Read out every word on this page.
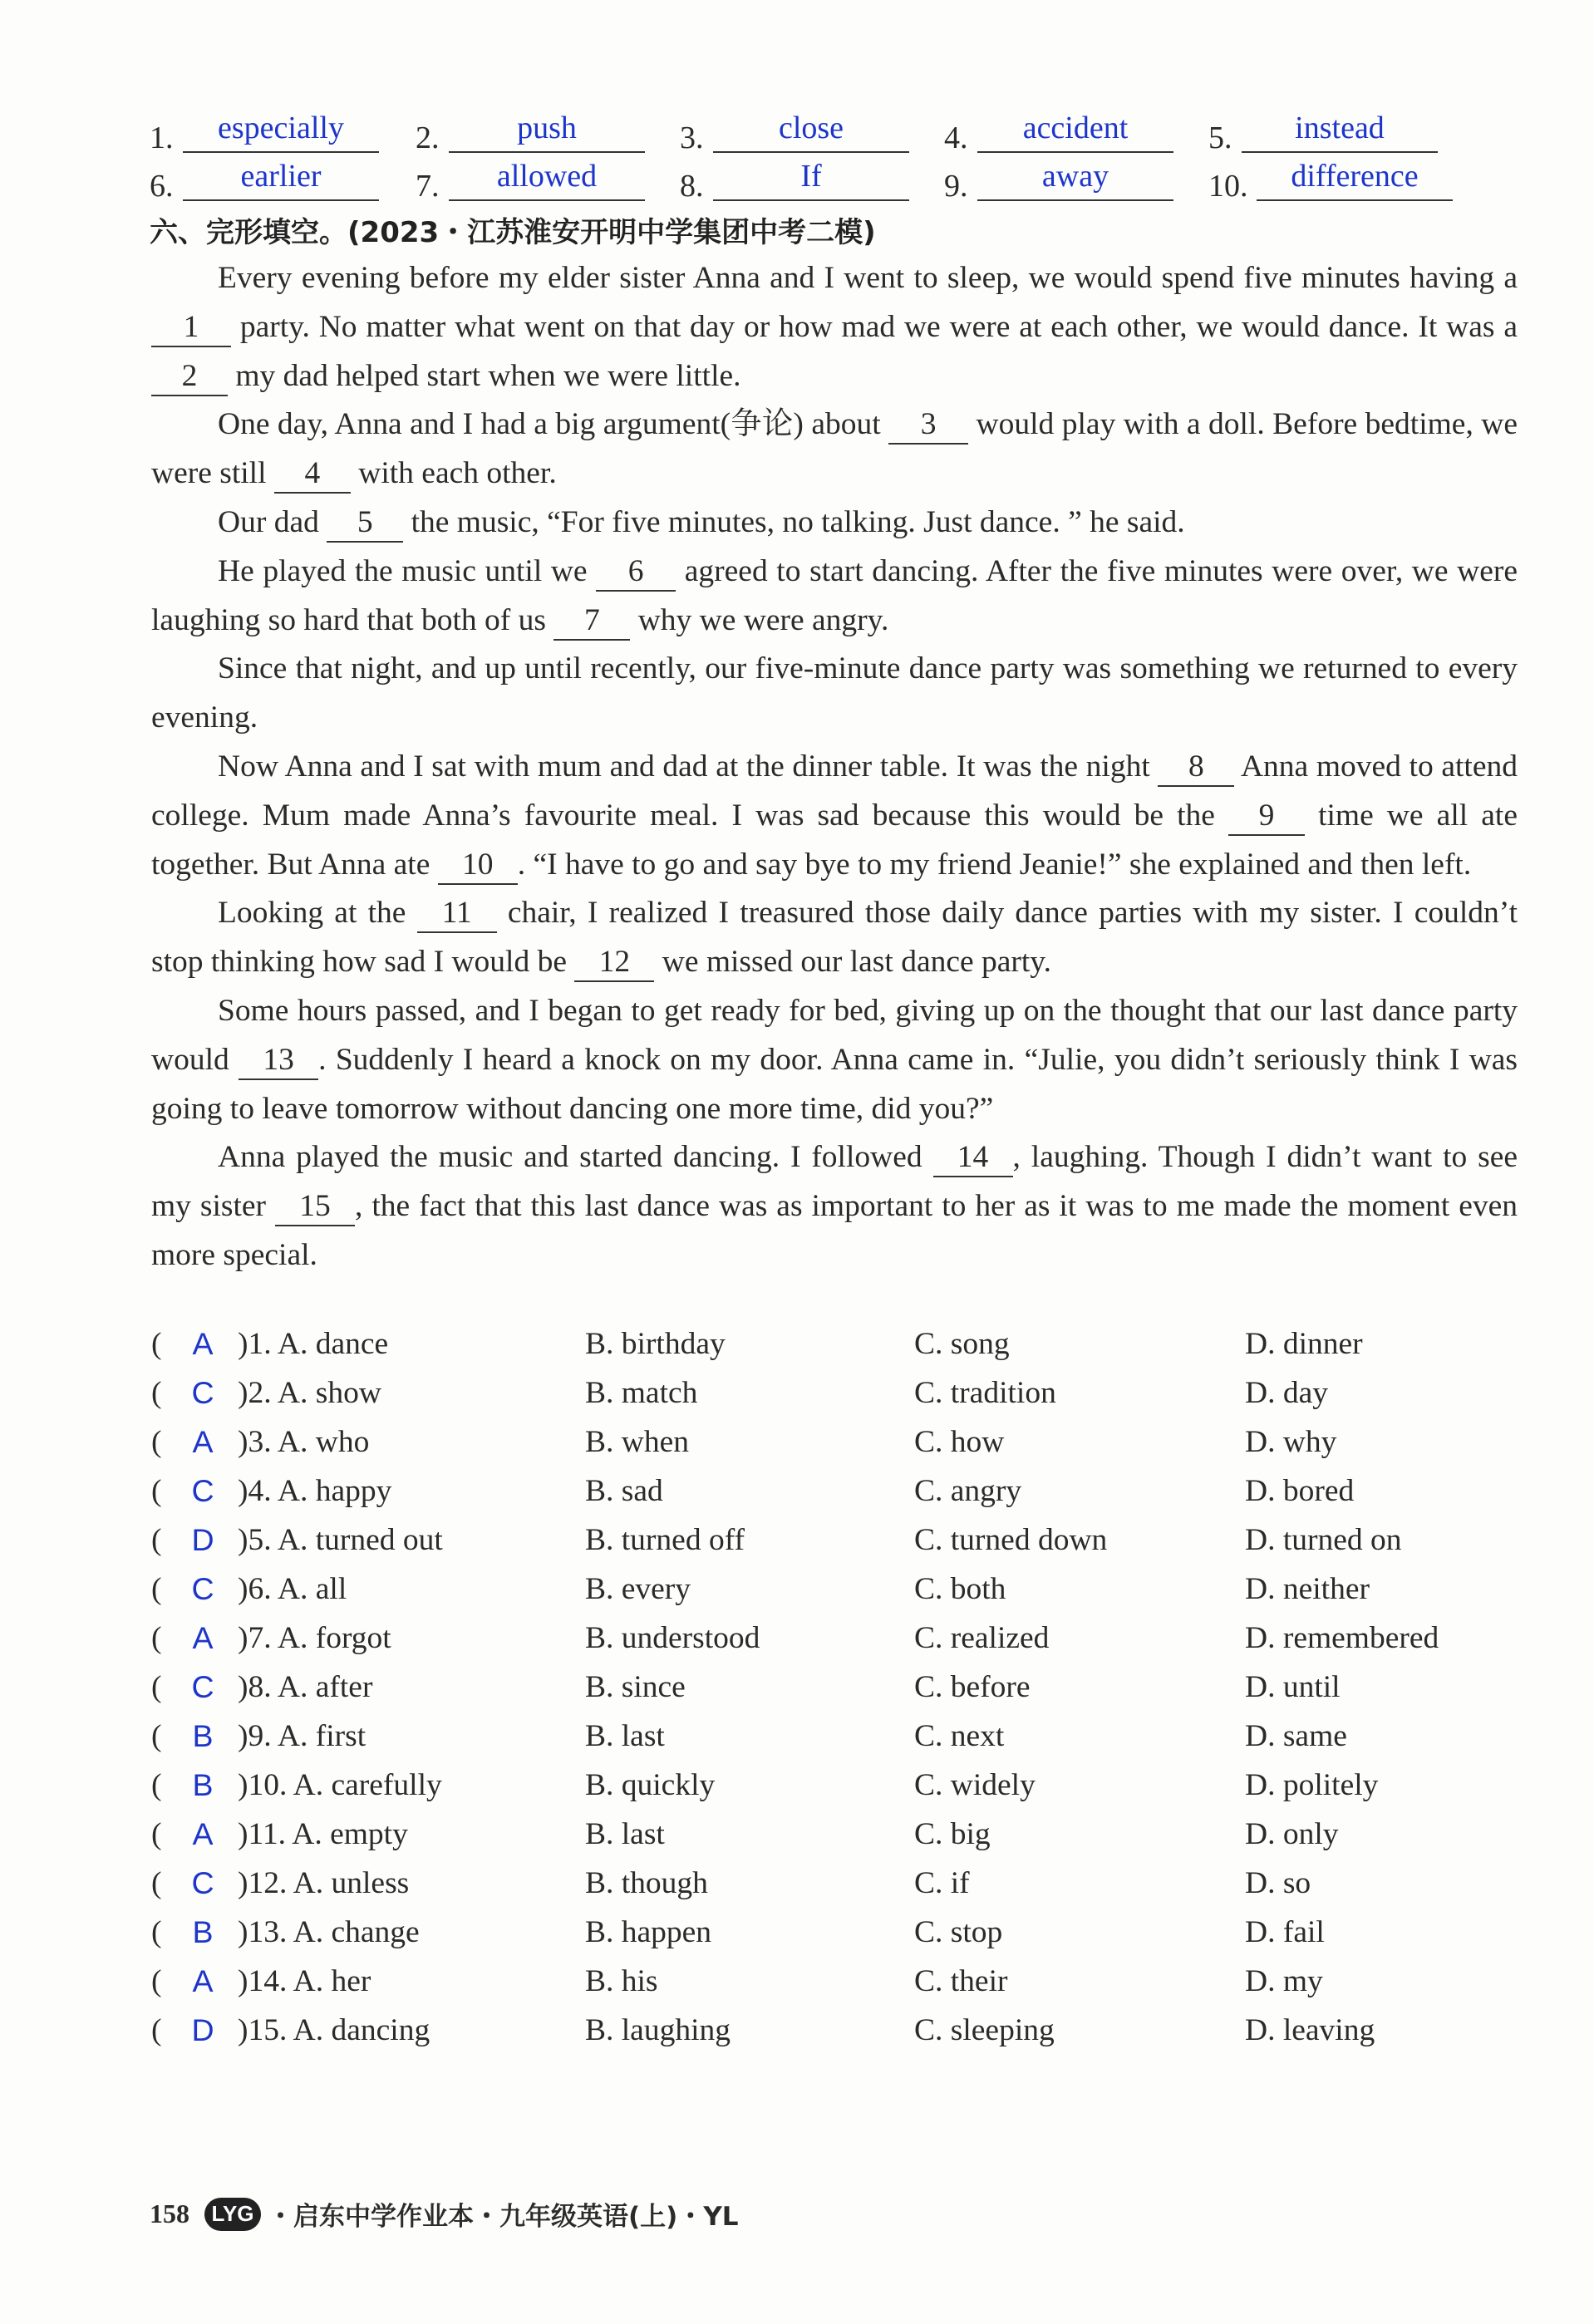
1.	especially	2.	push	3.	close	4.	accident	5.	instead
6.	earlier	7.	allowed	8.	If	9.	away	10.	difference
六、完形填空。(2023・江苏淮安开明中学集团中考二模)

Every evening before my elder sister Anna and I went to sleep, we would spend five minutes having a 1 party. No matter what went on that day or how mad we were at each other, we would dance. It was a 2 my dad helped start when we were little.

One day, Anna and I had a big argument(争论) about 3 would play with a doll. Before bedtime, we were still 4 with each other.

Our dad 5 the music, “For five minutes, no talking. Just dance. ” he said.

He played the music until we 6 agreed to start dancing. After the five minutes were over, we were laughing so hard that both of us 7 why we were angry.

Since that night, and up until recently, our five-minute dance party was something we returned to every evening.

Now Anna and I sat with mum and dad at the dinner table. It was the night 8 Anna moved to attend college. Mum made Anna’s favourite meal. I was sad because this would be the 9 time we all ate together. But Anna ate 10 . “I have to go and say bye to my friend Jeanie!” she explained and then left.

Looking at the 11 chair, I realized I treasured those daily dance parties with my sister. I couldn’t stop thinking how sad I would be 12 we missed our last dance party.

Some hours passed, and I began to get ready for bed, giving up on the thought that our last dance party would 13 . Suddenly I heard a knock on my door. Anna came in. “Julie, you didn’t seriously think I was going to leave tomorrow without dancing one more time, did you?”

Anna played the music and started dancing. I followed 14 , laughing. Though I didn’t want to see my sister 15 , the fact that this last dance was as important to her as it was to me made the moment even more special.

( A )1. A. dance	B. birthday	C. song	D. dinner
( C )2. A. show	B. match	C. tradition	D. day
( A )3. A. who	B. when	C. how	D. why
( C )4. A. happy	B. sad	C. angry	D. bored
( D )5. A. turned out	B. turned off	C. turned down	D. turned on
( C )6. A. all	B. every	C. both	D. neither
( A )7. A. forgot	B. understood	C. realized	D. remembered
( C )8. A. after	B. since	C. before	D. until
( B )9. A. first	B. last	C. next	D. same
( B )10. A. carefully	B. quickly	C. widely	D. politely
( A )11. A. empty	B. last	C. big	D. only
( C )12. A. unless	B. though	C. if	D. so
( B )13. A. change	B. happen	C. stop	D. fail
( A )14. A. her	B. his	C. their	D. my
( D )15. A. dancing	B. laughing	C. sleeping	D. leaving
158	LYG ・启东中学作业本・九年级英语(上)・YL
